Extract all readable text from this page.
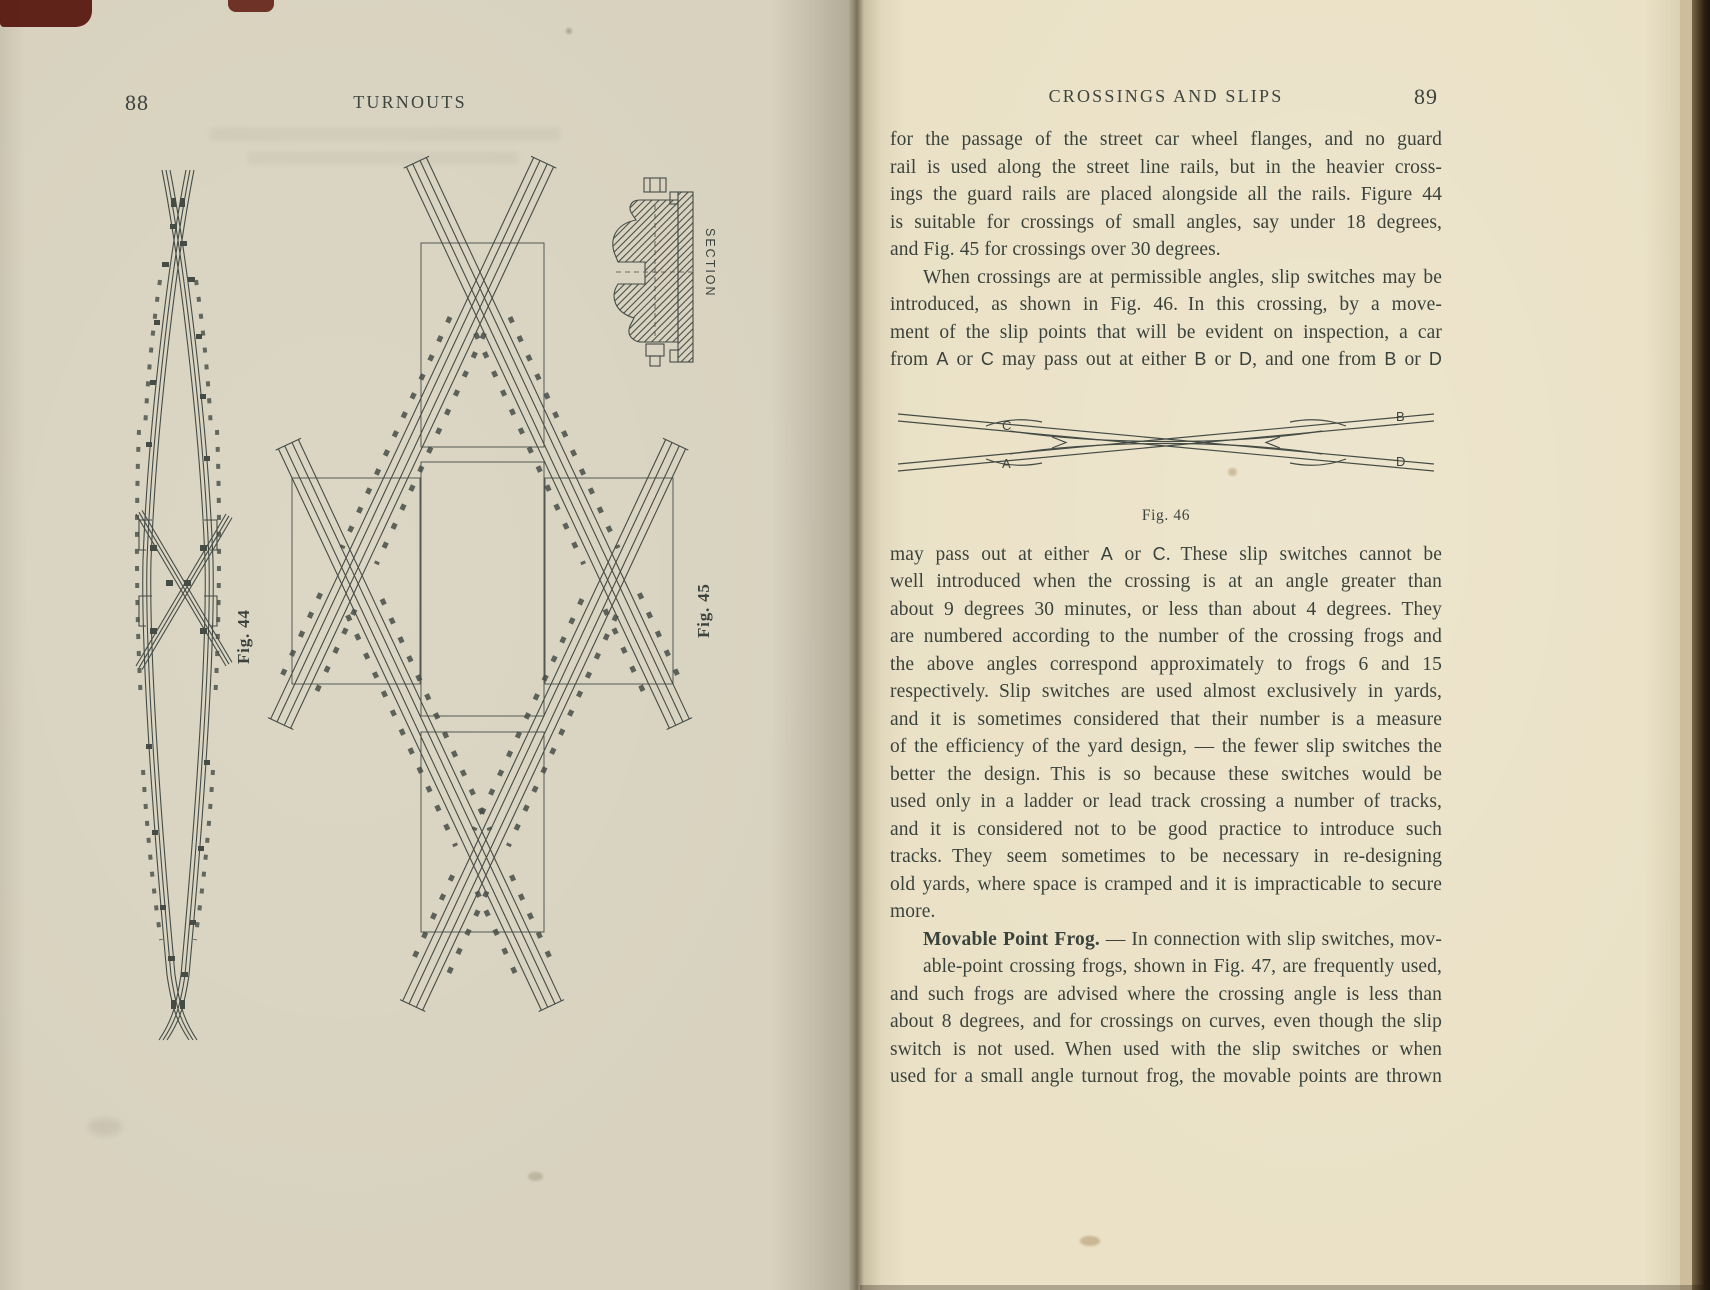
88	TURNOUTS
Fig. 44	Fig. 45
SECTION
CROSSINGS AND SLIPS	89
for the passage of the street car wheel flanges, and no guard
rail is used along the street line rails, but in the heavier cross-
ings the guard rails are placed alongside all the rails. Figure 44
is suitable for crossings of small angles, say under 18 degrees,
and Fig. 45 for crossings over 30 degrees.
When crossings are at permissible angles, slip switches may be
introduced, as shown in Fig. 46. In this crossing, by a move-
ment of the slip points that will be evident on inspection, a car
from A or C may pass out at either B or D, and one from B or D
C
A
B
D
Fig. 46
may pass out at either A or C. These slip switches cannot be
well introduced when the crossing is at an angle greater than
about 9 degrees 30 minutes, or less than about 4 degrees. They
are numbered according to the number of the crossing frogs and
the above angles correspond approximately to frogs 6 and 15
respectively. Slip switches are used almost exclusively in yards,
and it is sometimes considered that their number is a measure
of the efficiency of the yard design, — the fewer slip switches the
better the design. This is so because these switches would be
used only in a ladder or lead track crossing a number of tracks,
and it is considered not to be good practice to introduce such
tracks. They seem sometimes to be necessary in re-designing
old yards, where space is cramped and it is impracticable to secure
more.
Movable Point Frog. — In connection with slip switches, mov-
able-point crossing frogs, shown in Fig. 47, are frequently used,
and such frogs are advised where the crossing angle is less than
about 8 degrees, and for crossings on curves, even though the slip
switch is not used. When used with the slip switches or when
used for a small angle turnout frog, the movable points are thrown
